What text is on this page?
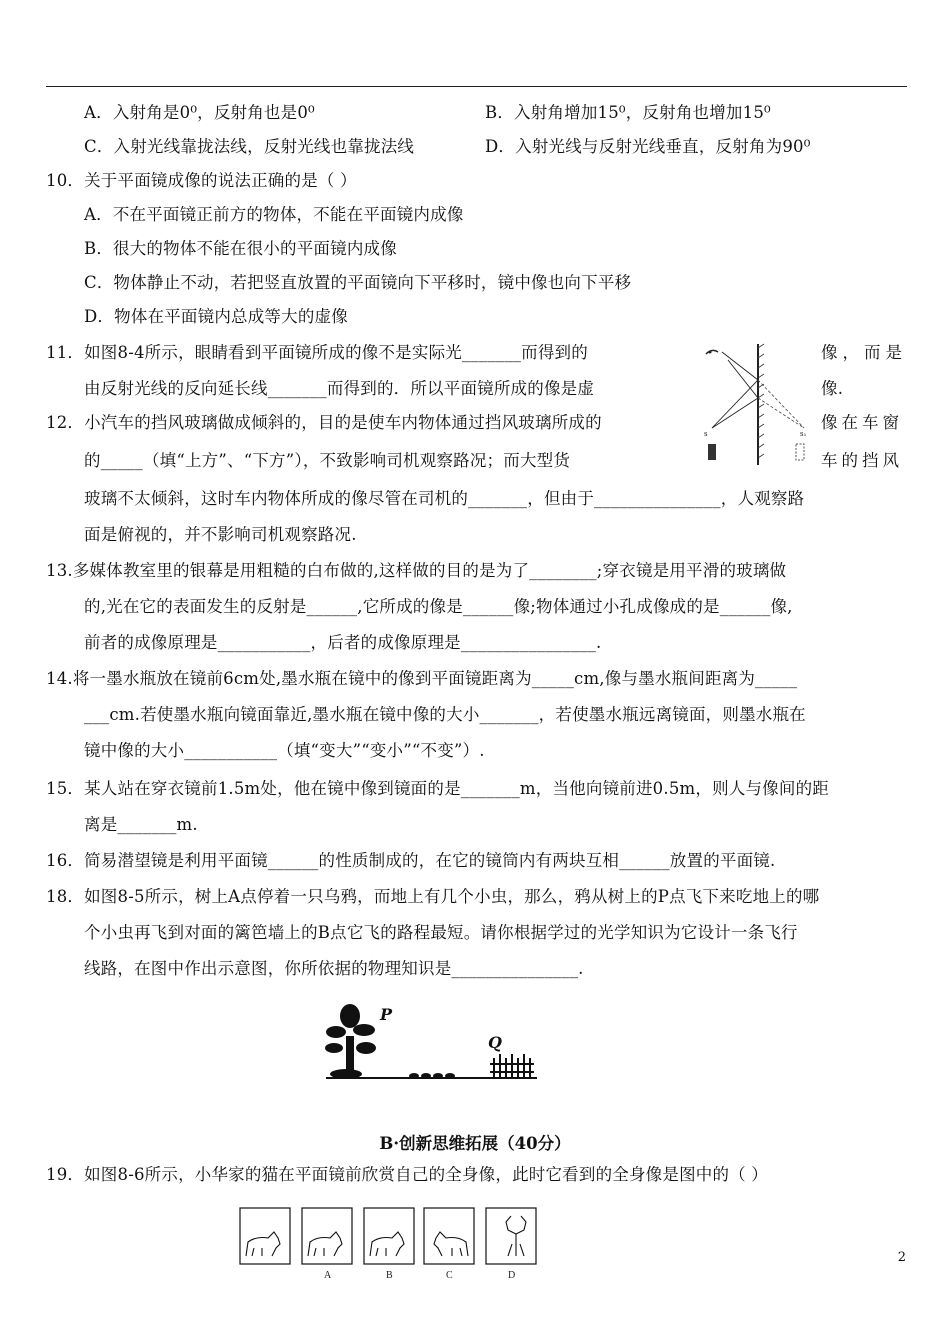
A．入射角是0⁰，反射角也是0⁰	B．入射角增加15⁰，反射角也增加15⁰
C．入射光线靠拢法线，反射光线也靠拢法线	D．入射光线与反射光线垂直，反射角为90⁰
10．关于平面镜成像的说法正确的是（ ）
A．不在平面镜正前方的物体，不能在平面镜内成像
B．很大的物体不能在很小的平面镜内成像
C．物体静止不动，若把竖直放置的平面镜向下平移时，镜中像也向下平移
D．物体在平面镜内总成等大的虚像
11．如图8-4所示，眼睛看到平面镜所成的像不是实际光_______而得到的	像，而是
由反射光线的反向延长线_______而得到的．所以平面镜所成的像是虚	像.
12．小汽车的挡风玻璃做成倾斜的，目的是使车内物体通过挡风玻璃所成的	像在车窗
的_____（填“上方”、“下方”），不致影响司机观察路况；而大型货	车的挡风
玻璃不太倾斜，这时车内物体所成的像尽管在司机的_______，但由于_______________，人观察路
面是俯视的，并不影响司机观察路况.
s	s₁
13.多媒体教室里的银幕是用粗糙的白布做的,这样做的目的是为了________;穿衣镜是用平滑的玻璃做
的,光在它的表面发生的反射是______,它所成的像是______像;物体通过小孔成像成的是______像,
前者的成像原理是___________，后者的成像原理是________________.
14.将一墨水瓶放在镜前6cm处,墨水瓶在镜中的像到平面镜距离为_____cm,像与墨水瓶间距离为_____
___cm.若使墨水瓶向镜面靠近,墨水瓶在镜中像的大小_______，若使墨水瓶远离镜面，则墨水瓶在
镜中像的大小___________（填“变大”“变小”“不变”）.
15．某人站在穿衣镜前1.5m处，他在镜中像到镜面的是_______m，当他向镜前进0.5m，则人与像间的距
离是_______m.
16．简易潜望镜是利用平面镜______的性质制成的，在它的镜筒内有两块互相______放置的平面镜.
18．如图8-5所示，树上A点停着一只乌鸦，而地上有几个小虫，那么，鸦从树上的P点飞下来吃地上的哪
个小虫再飞到对面的篱笆墙上的B点它飞的路程最短。请你根据学过的光学知识为它设计一条飞行
线路，在图中作出示意图，你所依据的物理知识是_______________.
P
Q
B·创新思维拓展（40分）
19．如图8-6所示，小华家的猫在平面镜前欣赏自己的全身像，此时它看到的全身像是图中的（ ）
A	B	C	D
2
